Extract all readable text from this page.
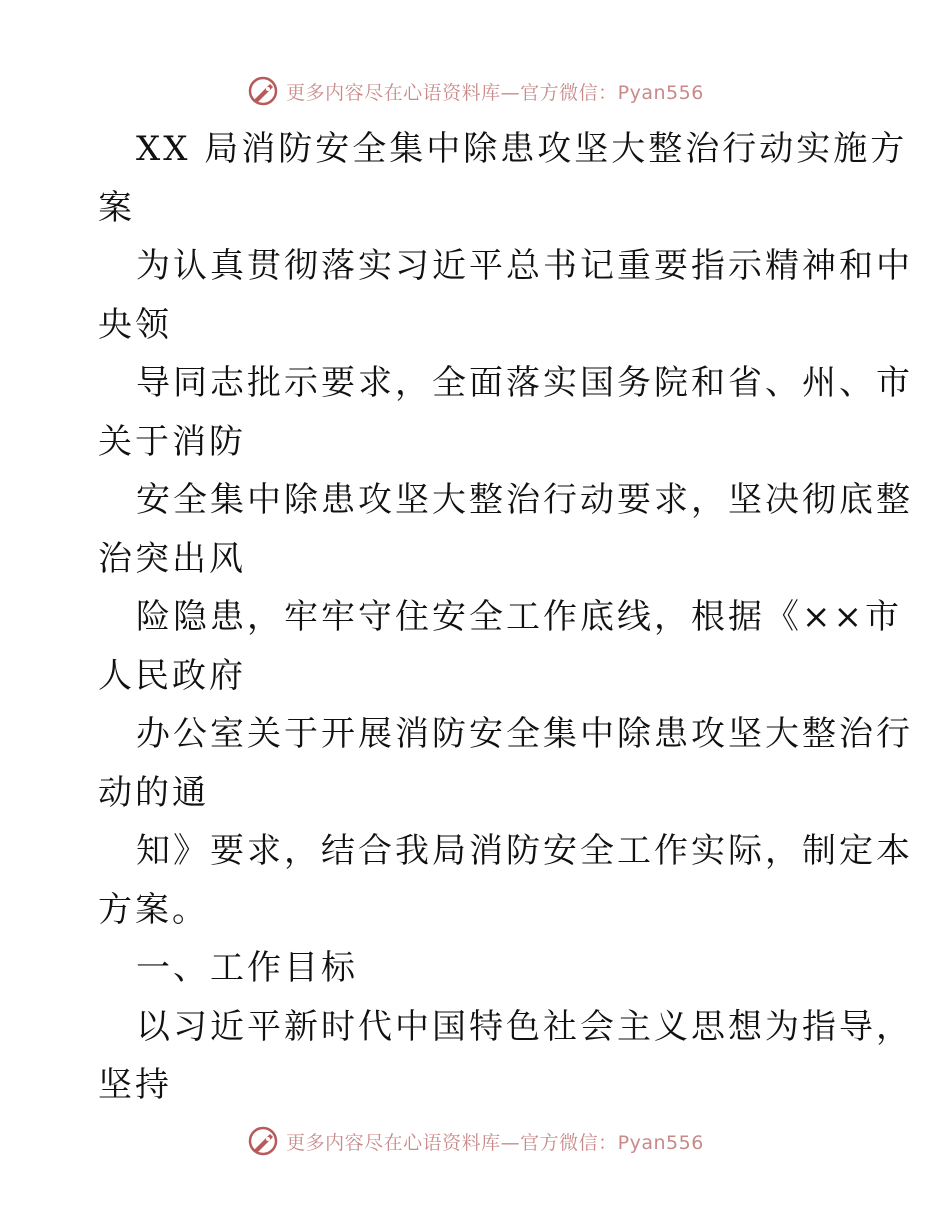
更多内容尽在心语资料库—官方微信：Pyan556
XX 局消防安全集中除患攻坚大整治行动实施方
案
为认真贯彻落实习近平总书记重要指示精神和中
央领
导同志批示要求，全面落实国务院和省、州、市
关于消防
安全集中除患攻坚大整治行动要求，坚决彻底整
治突出风
险隐患，牢牢守住安全工作底线，根据《××市
人民政府
办公室关于开展消防安全集中除患攻坚大整治行
动的通
知》要求，结合我局消防安全工作实际，制定本
方案。
一、工作目标
以习近平新时代中国特色社会主义思想为指导，
坚持
更多内容尽在心语资料库—官方微信：Pyan556
